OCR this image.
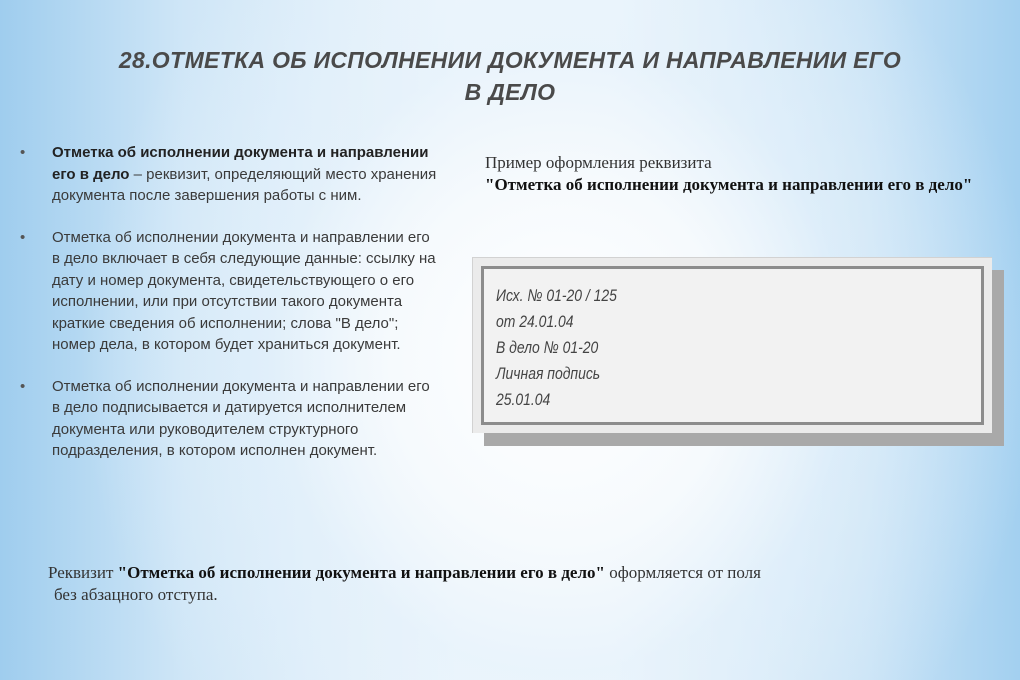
28.ОТМЕТКА ОБ ИСПОЛНЕНИИ ДОКУМЕНТА И НАПРАВЛЕНИИ ЕГО
В ДЕЛО
• Отметка об исполнении документа и направлении его в дело – реквизит, определяющий место хранения документа после завершения работы с ним.
• Отметка об исполнении документа и направлении его в дело включает в себя следующие данные: ссылку на дату и номер документа, свидетельствующего о его исполнении, или при отсутствии такого документа краткие сведения об исполнении; слова "В дело"; номер дела, в котором будет храниться документ.
• Отметка об исполнении документа и направлении его в дело подписывается и датируется исполнителем документа или руководителем структурного подразделения, в котором исполнен документ.
Пример оформления реквизита
"Отметка об исполнении документа и направлении его в дело"
Исх. № 01-20 / 125
от 24.01.04
В дело № 01-20
Личная подпись
25.01.04
Реквизит "Отметка об исполнении документа и направлении его в дело" оформляется от поля
без абзацного отступа.
